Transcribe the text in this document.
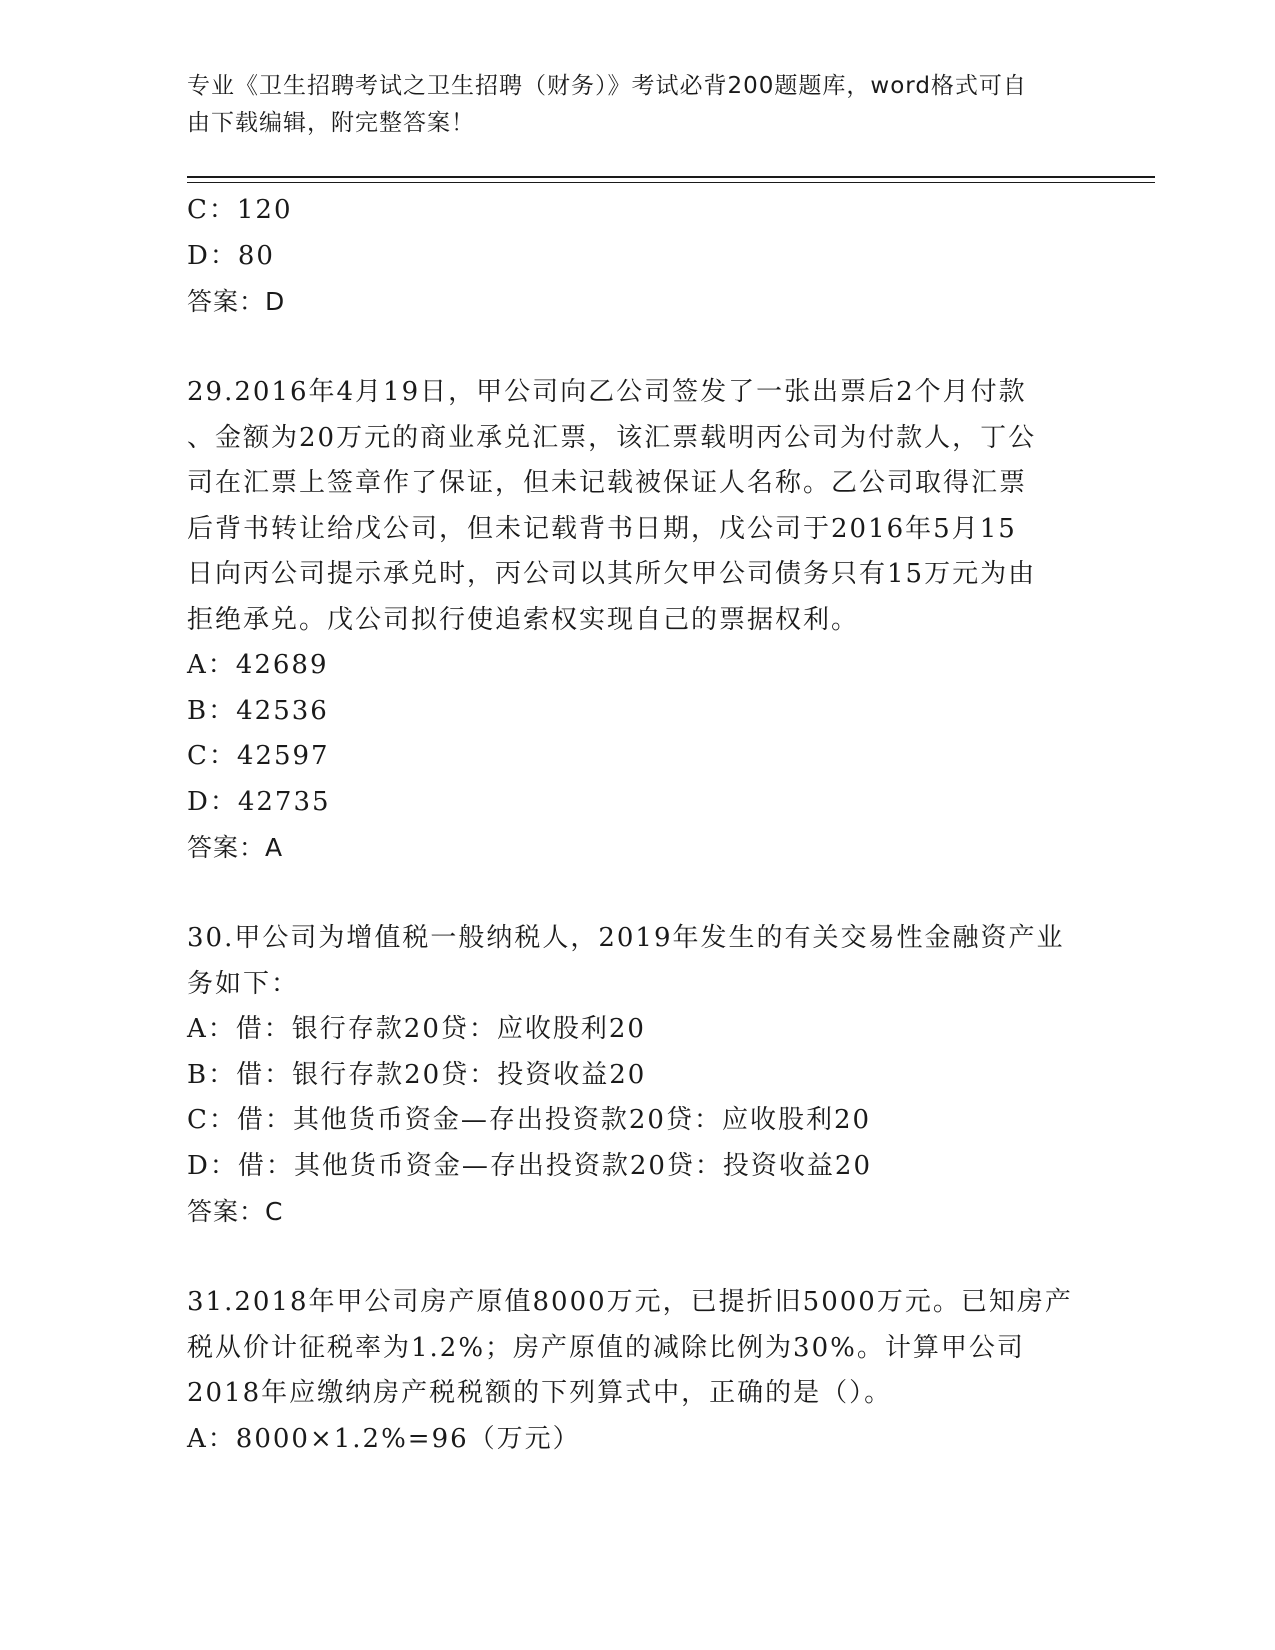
专业《卫生招聘考试之卫生招聘（财务）》考试必背200题题库，word格式可自
由下载编辑，附完整答案！
C：120
D：80
答案：D
29.2016年4月19日，甲公司向乙公司签发了一张出票后2个月付款
、金额为20万元的商业承兑汇票，该汇票载明丙公司为付款人，丁公
司在汇票上签章作了保证，但未记载被保证人名称。乙公司取得汇票
后背书转让给戊公司，但未记载背书日期，戊公司于2016年5月15
日向丙公司提示承兑时，丙公司以其所欠甲公司债务只有15万元为由
拒绝承兑。戊公司拟行使追索权实现自己的票据权利。
A：42689
B：42536
C：42597
D：42735
答案：A
30.甲公司为增值税一般纳税人，2019年发生的有关交易性金融资产业
务如下：
A：借：银行存款20贷：应收股利20
B：借：银行存款20贷：投资收益20
C：借：其他货币资金—存出投资款20贷：应收股利20
D：借：其他货币资金—存出投资款20贷：投资收益20
答案：C
31.2018年甲公司房产原值8000万元，已提折旧5000万元。已知房产
税从价计征税率为1.2%；房产原值的减除比例为30%。计算甲公司
2018年应缴纳房产税税额的下列算式中，正确的是（）。
A：8000×1.2%=96（万元）
